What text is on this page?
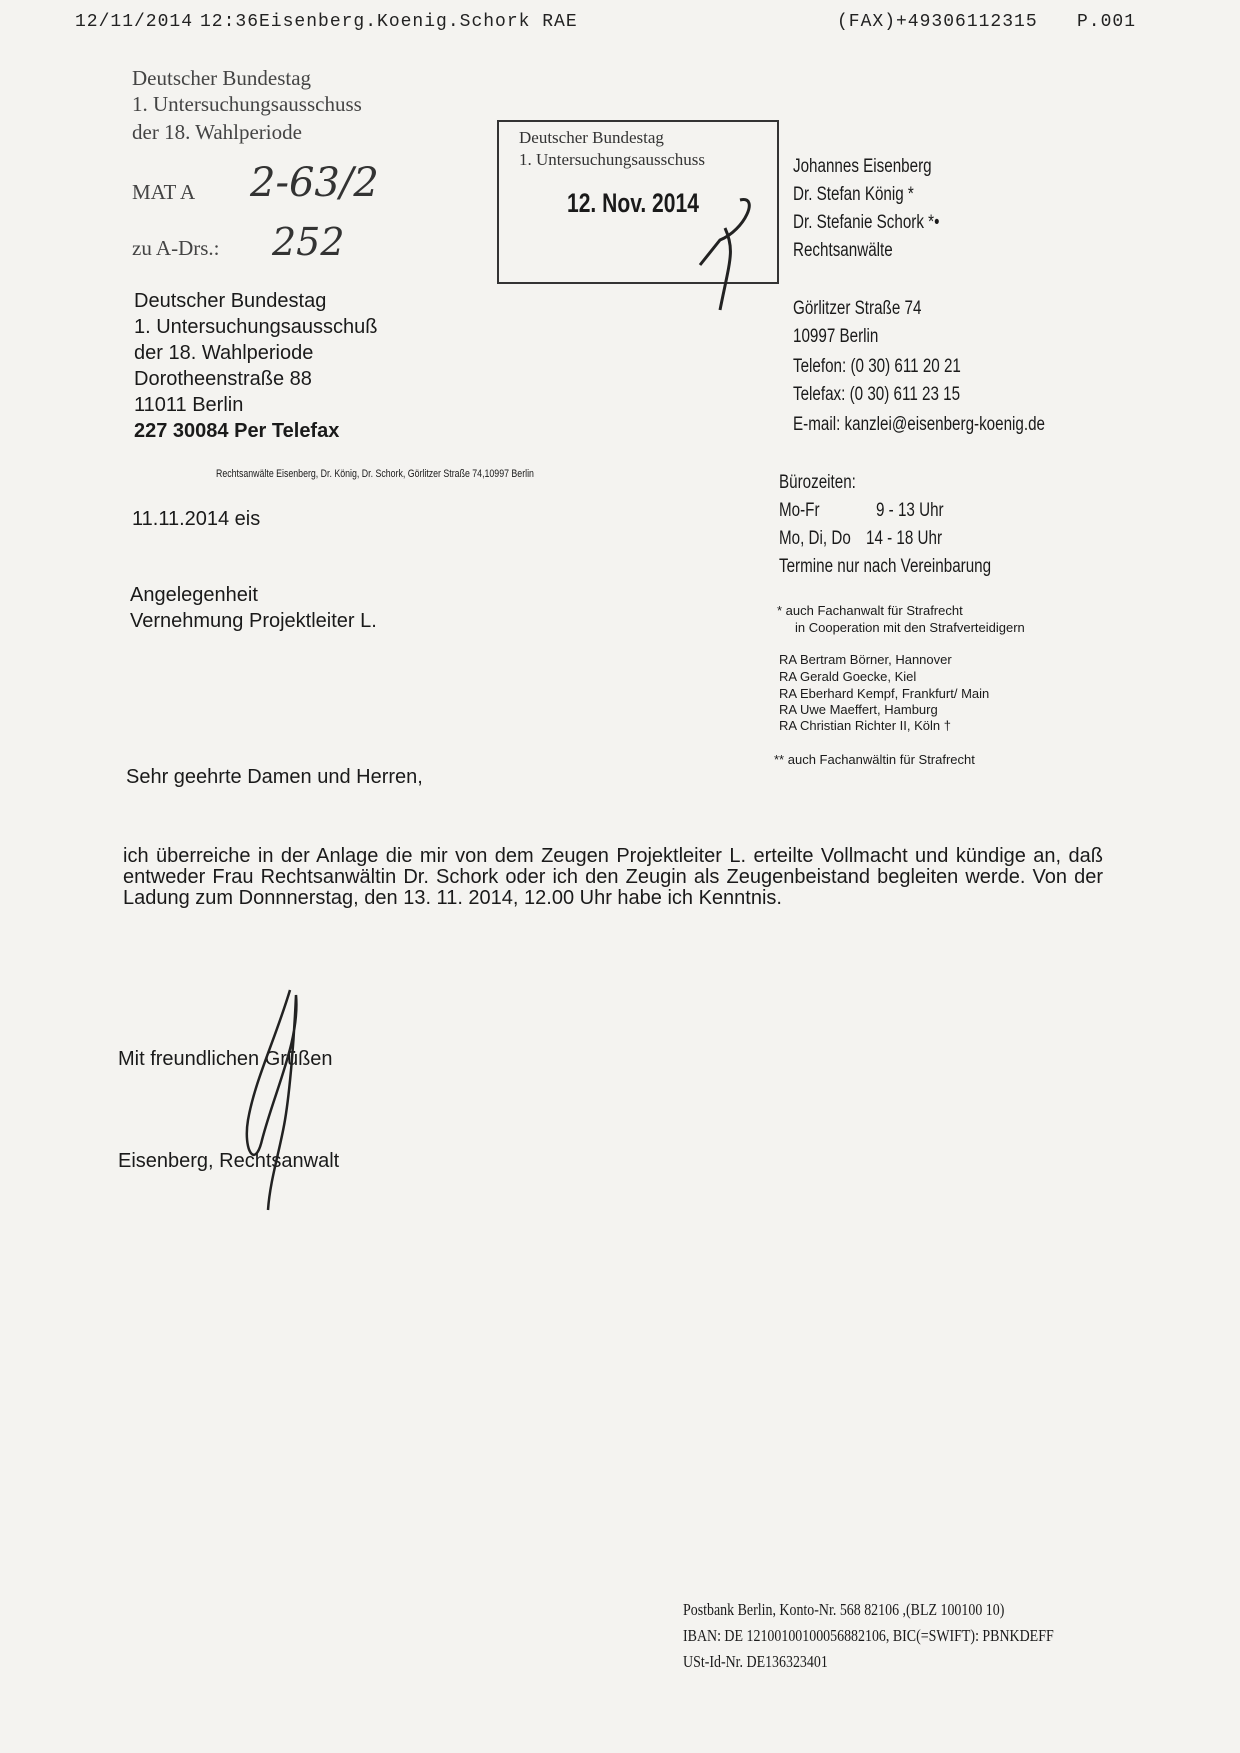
12/11/2014 12:36Eisenberg.Koenig.Schork RAE	(FAX)+49306112315 P.001
Deutscher Bundestag
1. Untersuchungsausschuss
der 18. Wahlperiode
MAT A 2-63/2
zu A-Drs.: 252
Deutscher Bundestag
1. Untersuchungsausschuss
12. Nov. 2014
Johannes Eisenberg
Dr. Stefan König *
Dr. Stefanie Schork *•
Rechtsanwälte
Görlitzer Straße 74
10997 Berlin
Telefon: (0 30) 611 20 21
Telefax: (0 30) 611 23 15
E-mail: kanzlei@eisenberg-koenig.de
Bürozeiten:
Mo-Fr	9 - 13 Uhr
Mo, Di, Do 14 - 18 Uhr
Termine nur nach Vereinbarung
* auch Fachanwalt für Strafrecht
in Cooperation mit den Strafverteidigern
RA Bertram Börner, Hannover
RA Gerald Goecke, Kiel
RA Eberhard Kempf, Frankfurt/ Main
RA Uwe Maeffert, Hamburg
RA Christian Richter II, Köln †
** auch Fachanwältin für Strafrecht
Deutscher Bundestag
1. Untersuchungsausschuß
der 18. Wahlperiode
Dorotheenstraße 88
11011 Berlin
227 30084 Per Telefax
Rechtsanwälte Eisenberg, Dr. König, Dr. Schork, Görlitzer Straße 74,10997 Berlin
11.11.2014 eis
Angelegenheit
Vernehmung Projektleiter L.
Sehr geehrte Damen und Herren,
ich überreiche in der Anlage die mir von dem Zeugen Projektleiter L. erteilte Vollmacht und kündige an, daß entweder Frau Rechtsanwältin Dr. Schork oder ich den Zeugin als Zeugenbeistand begleiten werde. Von der Ladung zum Donnnerstag, den 13. 11. 2014, 12.00 Uhr habe ich Kenntnis.
Mit freundlichen Grüßen
Eisenberg, Rechtsanwalt
Postbank Berlin, Konto-Nr. 568 82106 ,(BLZ 100100 10)
IBAN: DE 12100100100056882106, BIC(=SWIFT): PBNKDEFF
USt-Id-Nr. DE136323401
